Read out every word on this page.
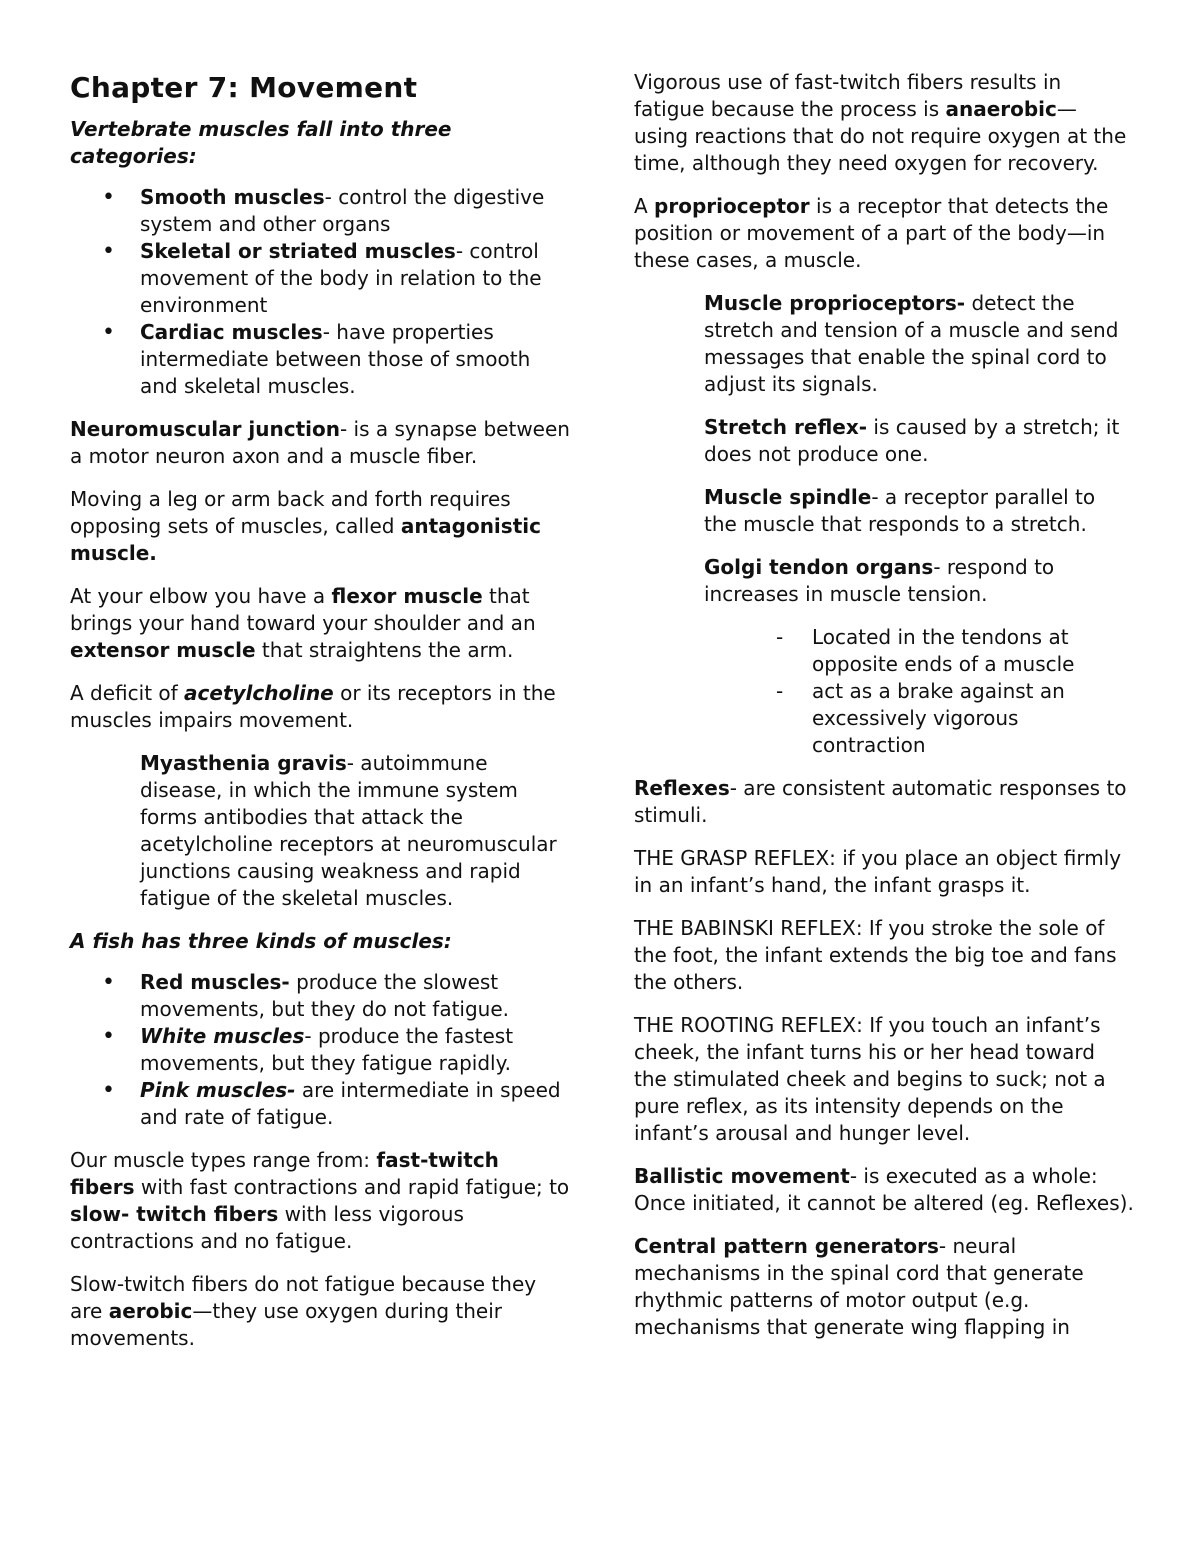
Chapter 7: Movement

Vertebrate muscles fall into three categories:

• Smooth muscles- control the digestive system and other organs
• Skeletal or striated muscles- control movement of the body in relation to the environment
• Cardiac muscles- have properties intermediate between those of smooth and skeletal muscles.

Neuromuscular junction- is a synapse between a motor neuron axon and a muscle fiber.

Moving a leg or arm back and forth requires opposing sets of muscles, called antagonistic muscle.

At your elbow you have a flexor muscle that brings your hand toward your shoulder and an extensor muscle that straightens the arm.

A deficit of acetylcholine or its receptors in the muscles impairs movement.

Myasthenia gravis- autoimmune disease, in which the immune system forms antibodies that attack the acetylcholine receptors at neuromuscular junctions causing weakness and rapid fatigue of the skeletal muscles.

A fish has three kinds of muscles:

• Red muscles- produce the slowest movements, but they do not fatigue.
• White muscles- produce the fastest movements, but they fatigue rapidly.
• Pink muscles- are intermediate in speed and rate of fatigue.

Our muscle types range from: fast-twitch fibers with fast contractions and rapid fatigue; to slow- twitch fibers with less vigorous contractions and no fatigue.

Slow-twitch fibers do not fatigue because they are aerobic—they use oxygen during their movements.

Vigorous use of fast-twitch fibers results in fatigue because the process is anaerobic— using reactions that do not require oxygen at the time, although they need oxygen for recovery.

A proprioceptor is a receptor that detects the position or movement of a part of the body—in these cases, a muscle.

Muscle proprioceptors- detect the stretch and tension of a muscle and send messages that enable the spinal cord to adjust its signals.

Stretch reflex- is caused by a stretch; it does not produce one.

Muscle spindle- a receptor parallel to the muscle that responds to a stretch.

Golgi tendon organs- respond to increases in muscle tension.

- Located in the tendons at opposite ends of a muscle
- act as a brake against an excessively vigorous contraction

Reflexes- are consistent automatic responses to stimuli.

THE GRASP REFLEX: if you place an object firmly in an infant’s hand, the infant grasps it.

THE BABINSKI REFLEX: If you stroke the sole of the foot, the infant extends the big toe and fans the others.

THE ROOTING REFLEX: If you touch an infant’s cheek, the infant turns his or her head toward the stimulated cheek and begins to suck; not a pure reflex, as its intensity depends on the infant’s arousal and hunger level.

Ballistic movement- is executed as a whole: Once initiated, it cannot be altered (eg. Reflexes).

Central pattern generators- neural mechanisms in the spinal cord that generate rhythmic patterns of motor output (e.g. mechanisms that generate wing flapping in
